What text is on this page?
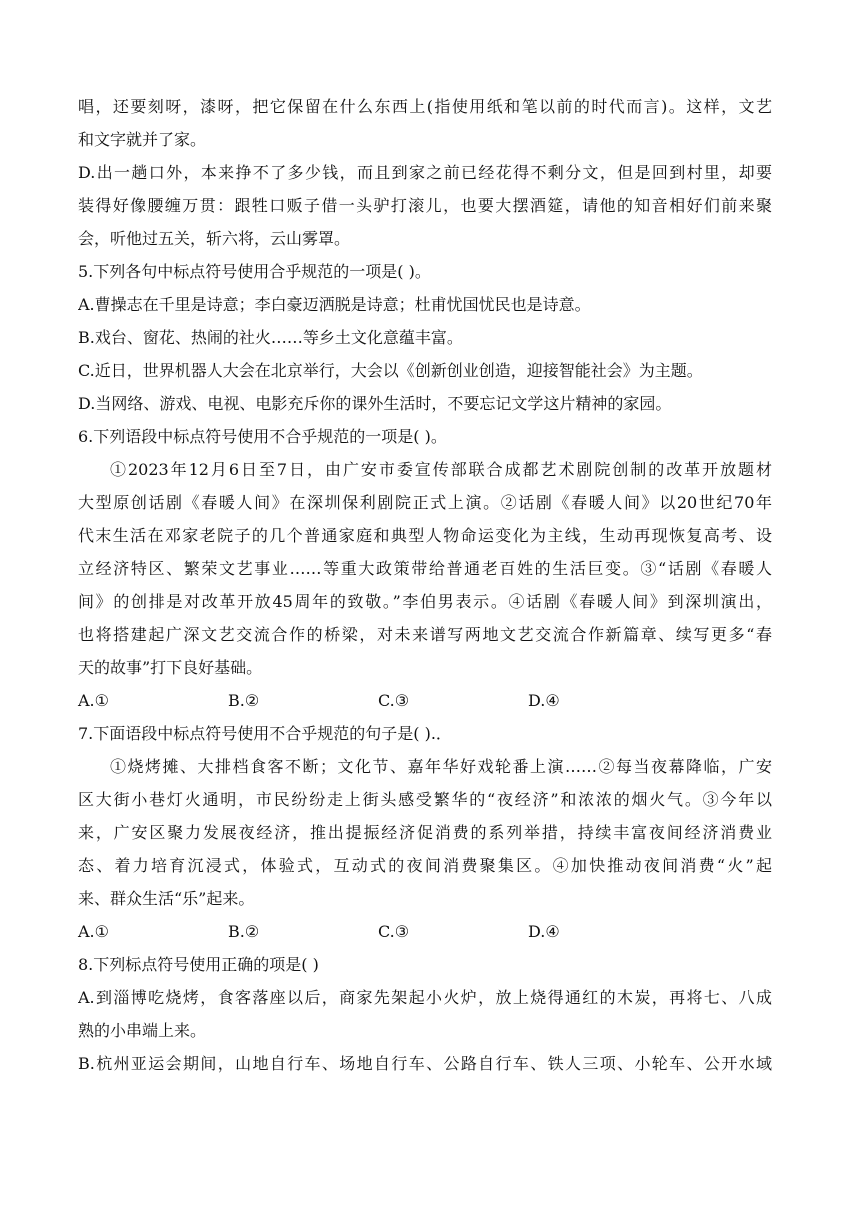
唱，还要刻呀，漆呀，把它保留在什么东西上(指使用纸和笔以前的时代而言)。这样，文艺
和文字就并了家。
D.出一趟口外，本来挣不了多少钱，而且到家之前已经花得不剩分文，但是回到村里，却要
装得好像腰缠万贯：跟牲口贩子借一头驴打滚儿，也要大摆酒筵，请他的知音相好们前来聚
会，听他过五关，斩六将，云山雾罩。
5.下列各句中标点符号使用合乎规范的一项是( )。
A.曹操志在千里是诗意；李白豪迈洒脱是诗意；杜甫忧国忧民也是诗意。
B.戏台、窗花、热闹的社火……等乡土文化意蕴丰富。
C.近日，世界机器人大会在北京举行，大会以《创新创业创造，迎接智能社会》为主题。
D.当网络、游戏、电视、电影充斥你的课外生活时，不要忘记文学这片精神的家园。
6.下列语段中标点符号使用不合乎规范的一项是( )。
①2023年12月6日至7日，由广安市委宣传部联合成都艺术剧院创制的改革开放题材
大型原创话剧《春暖人间》在深圳保利剧院正式上演。②话剧《春暖人间》以20世纪70年
代末生活在邓家老院子的几个普通家庭和典型人物命运变化为主线，生动再现恢复高考、设
立经济特区、繁荣文艺事业……等重大政策带给普通老百姓的生活巨变。③“话剧《春暖人
间》的创排是对改革开放45周年的致敬。”李伯男表示。④话剧《春暖人间》到深圳演出，
也将搭建起广深文艺交流合作的桥梁，对未来谱写两地文艺交流合作新篇章、续写更多“春
天的故事”打下良好基础。
A.①	B.②	C.③	D.④
7.下面语段中标点符号使用不合乎规范的句子是( ).．
①烧烤摊、大排档食客不断；文化节、嘉年华好戏轮番上演……②每当夜幕降临，广安
区大街小巷灯火通明，市民纷纷走上街头感受繁华的“夜经济”和浓浓的烟火气。③今年以
来，广安区聚力发展夜经济，推出提振经济促消费的系列举措，持续丰富夜间经济消费业
态、着力培育沉浸式，体验式，互动式的夜间消费聚集区。④加快推动夜间消费“火”起
来、群众生活“乐”起来。
A.①	B.②	C.③	D.④
8.下列标点符号使用正确的项是( )
A.到淄博吃烧烤，食客落座以后，商家先架起小火炉，放上烧得通红的木炭，再将七、八成
熟的小串端上来。
B.杭州亚运会期间，山地自行车、场地自行车、公路自行车、铁人三项、小轮车、公开水域
